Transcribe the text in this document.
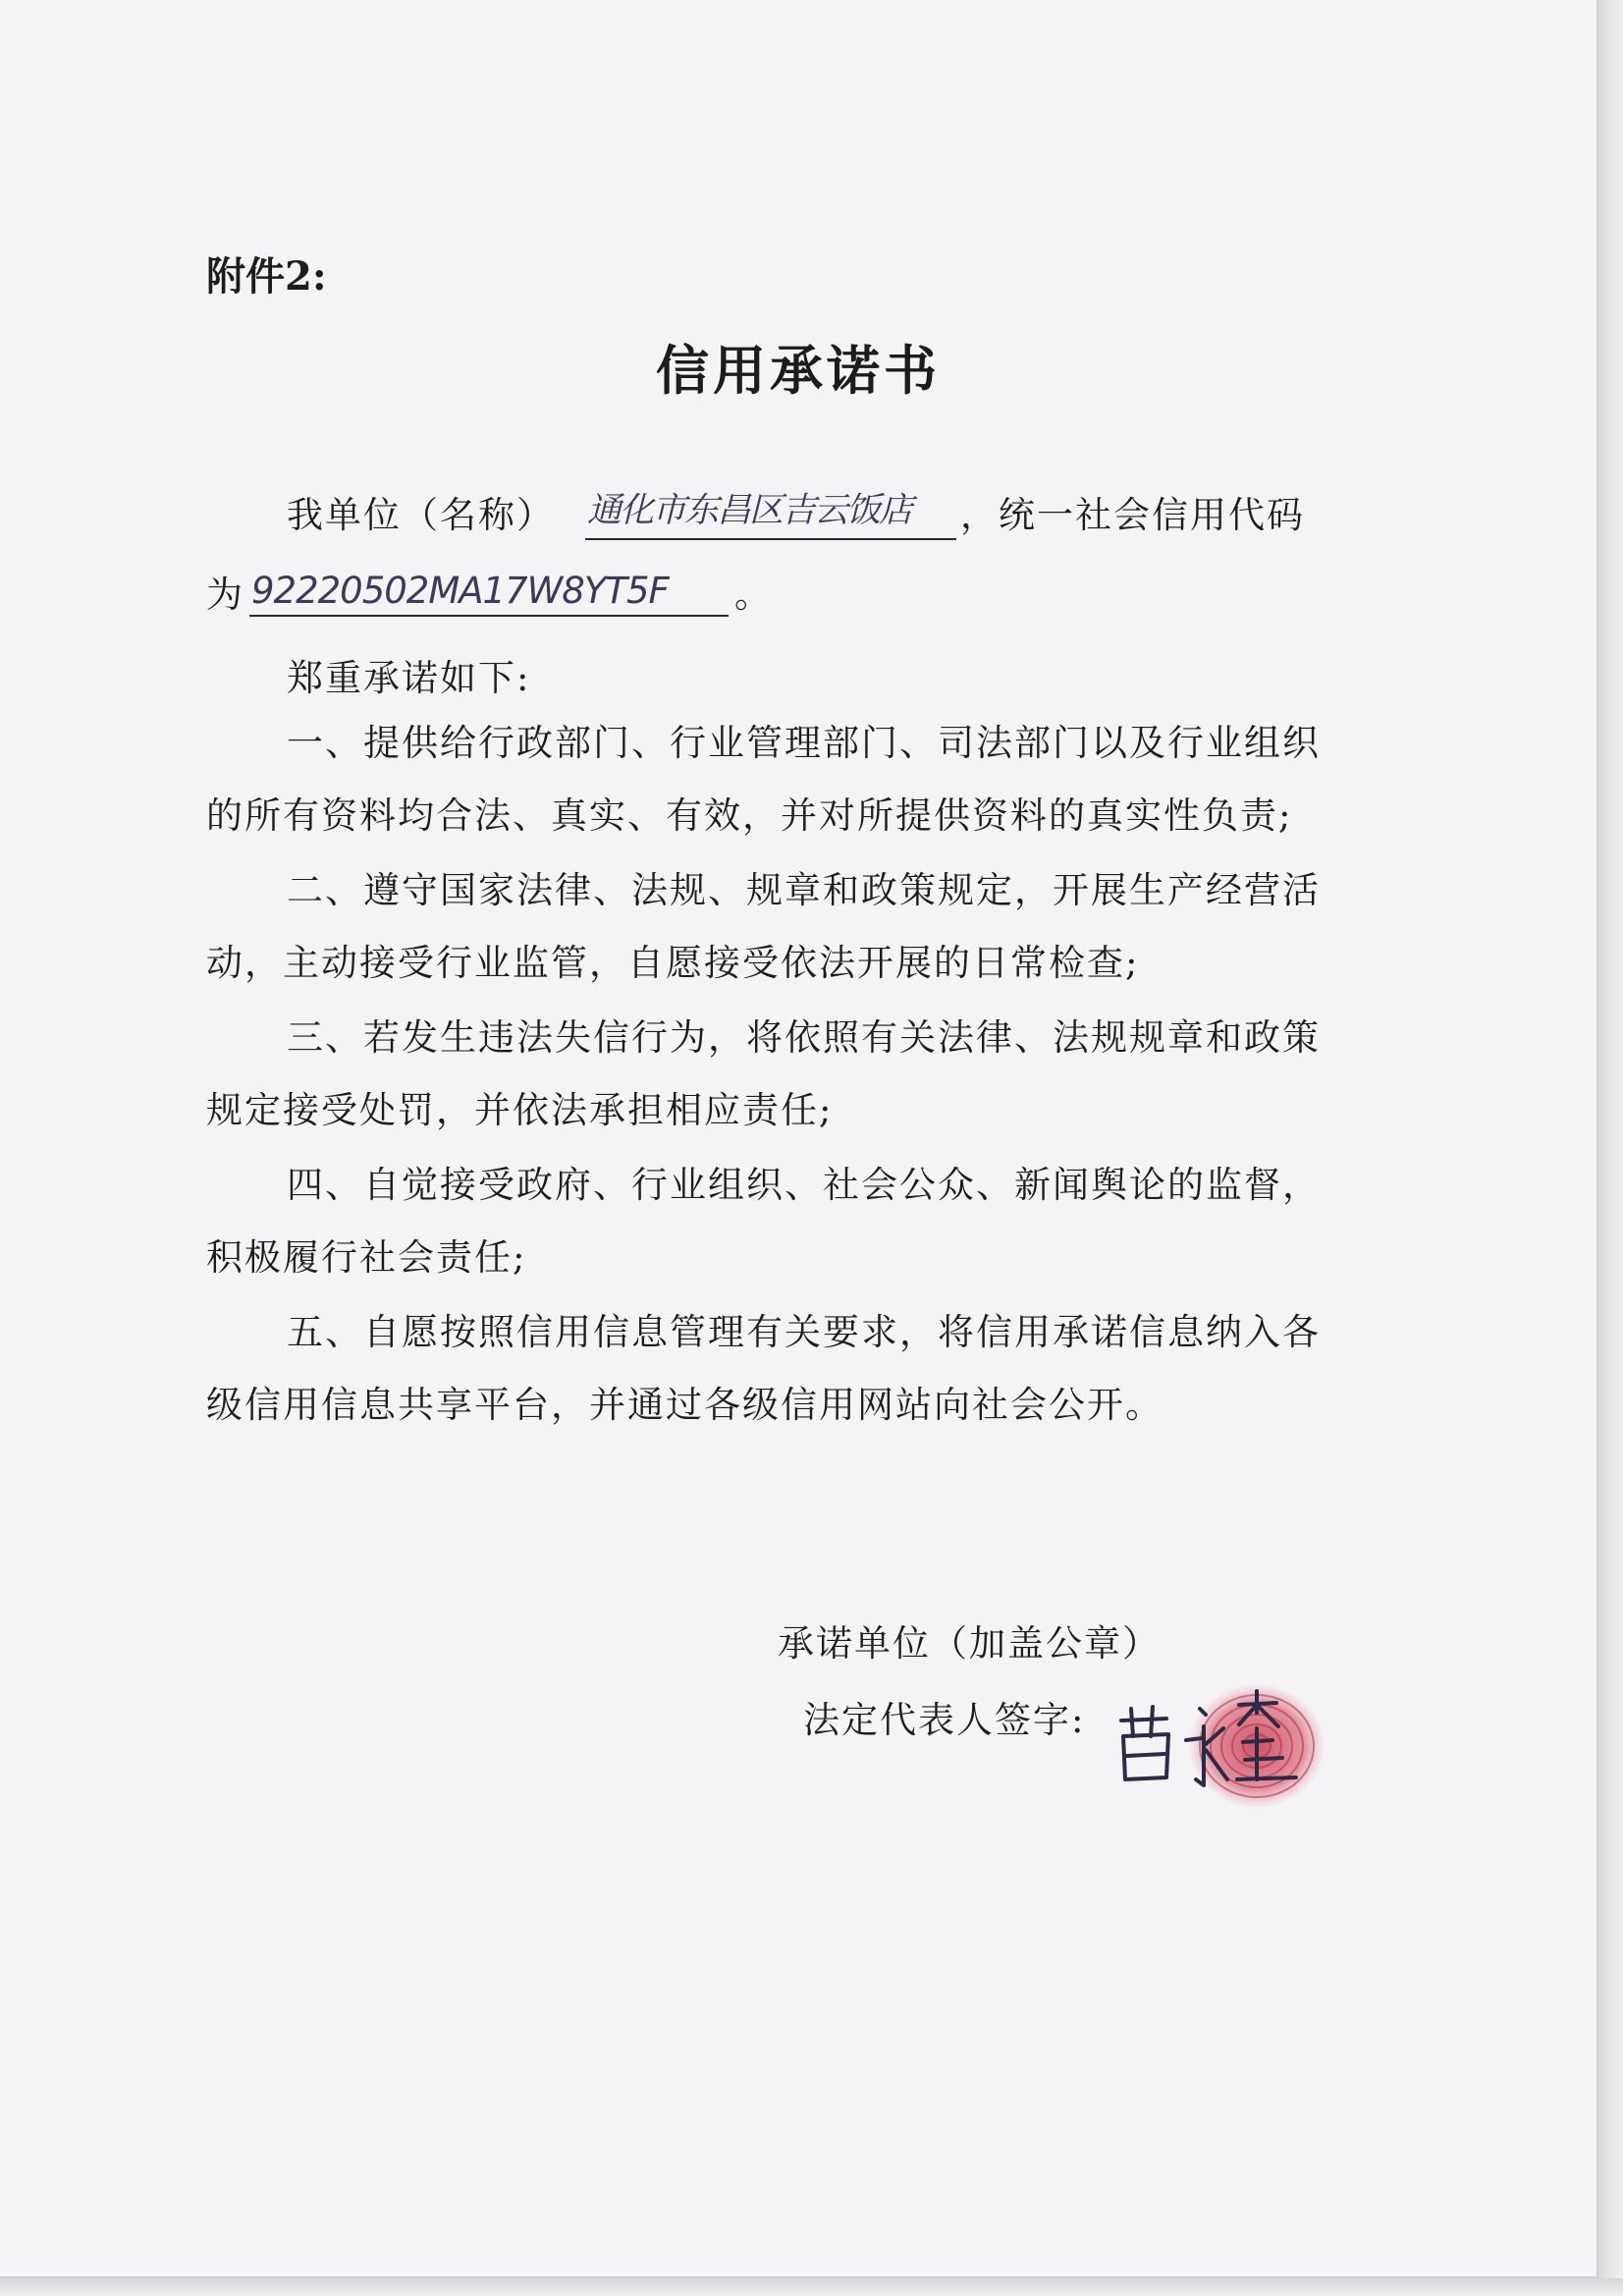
附件2:
信用承诺书
我单位（名称） 通化市东昌区吉云饭店 ，统一社会信用代码
为 92220502MA17W8YT5F 。
郑重承诺如下:
一、提供给行政部门、行业管理部门、司法部门以及行业组织
的所有资料均合法、真实、有效，并对所提供资料的真实性负责;
二、遵守国家法律、法规、规章和政策规定，开展生产经营活
动，主动接受行业监管，自愿接受依法开展的日常检查;
三、若发生违法失信行为，将依照有关法律、法规规章和政策
规定接受处罚，并依法承担相应责任;
四、自觉接受政府、行业组织、社会公众、新闻舆论的监督，
积极履行社会责任;
五、自愿按照信用信息管理有关要求，将信用承诺信息纳入各
级信用信息共享平台，并通过各级信用网站向社会公开。
承诺单位（加盖公章）
法定代表人签字:
